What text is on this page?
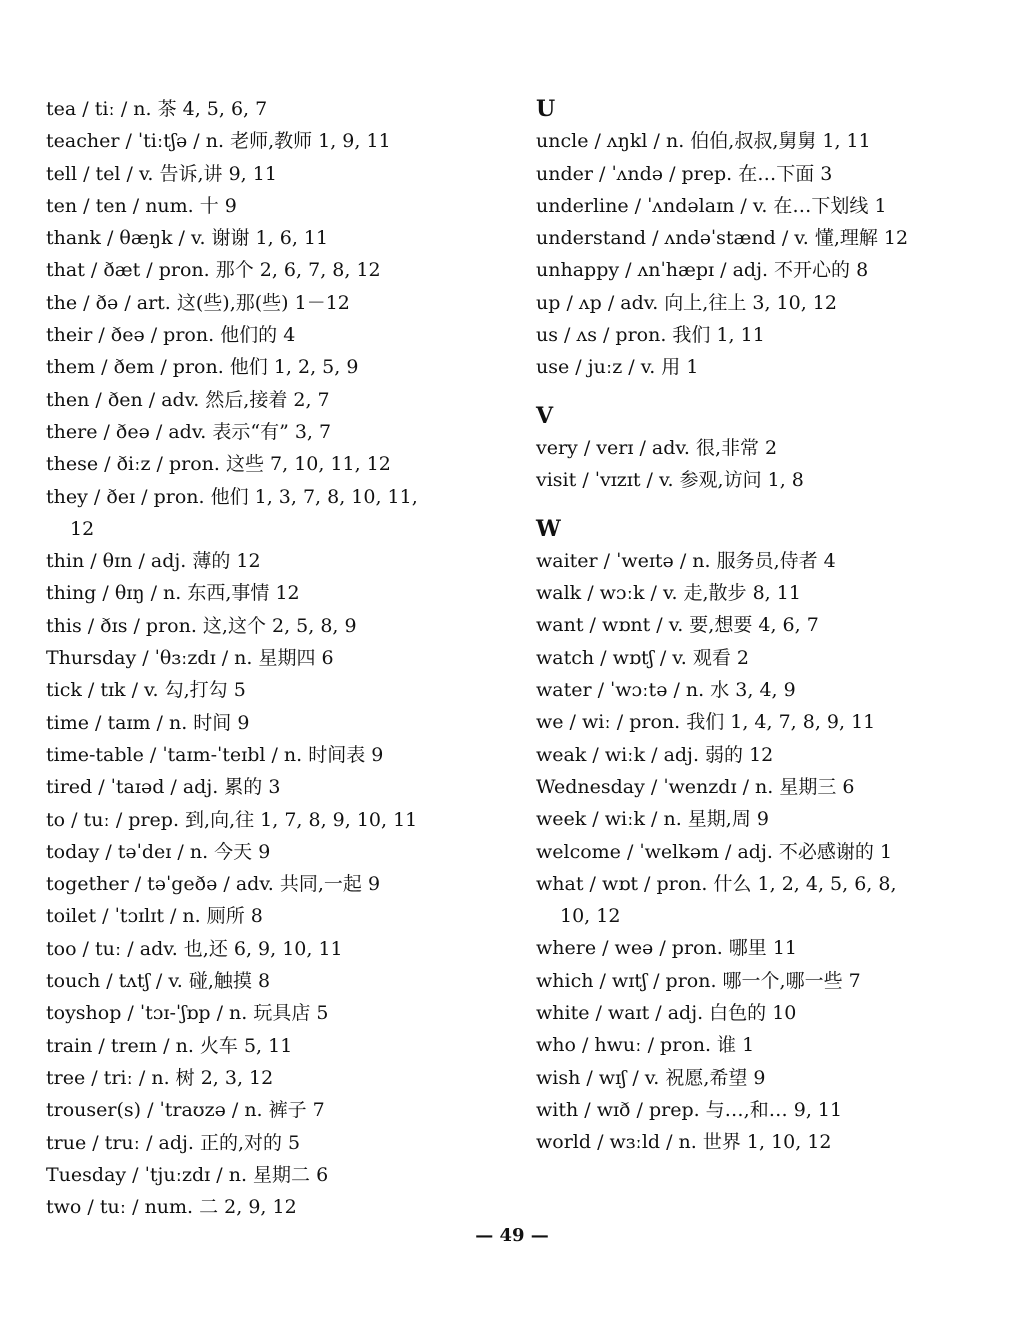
tea / tiː / n. 茶 4, 5, 6, 7
teacher / ˈtiːtʃə / n. 老师,教师 1, 9, 11
tell / tel / v. 告诉,讲 9, 11
ten / ten / num. 十 9
thank / θæŋk / v. 谢谢 1, 6, 11
that / ðæt / pron. 那个 2, 6, 7, 8, 12
the / ðə / art. 这(些),那(些) 1－12
their / ðeə / pron. 他们的 4
them / ðem / pron. 他们 1, 2, 5, 9
then / ðen / adv. 然后,接着 2, 7
there / ðeə / adv. 表示“有” 3, 7
these / ðiːz / pron. 这些 7, 10, 11, 12
they / ðeɪ / pron. 他们 1, 3, 7, 8, 10, 11,
12
thin / θɪn / adj. 薄的 12
thing / θɪŋ / n. 东西,事情 12
this / ðɪs / pron. 这,这个 2, 5, 8, 9
Thursday / ˈθɜːzdɪ / n. 星期四 6
tick / tɪk / v. 勾,打勾 5
time / taɪm / n. 时间 9
time-table / ˈtaɪm-ˈteɪbl / n. 时间表 9
tired / ˈtaɪəd / adj. 累的 3
to / tuː / prep. 到,向,往 1, 7, 8, 9, 10, 11
today / təˈdeɪ / n. 今天 9
together / təˈgeðə / adv. 共同,一起 9
toilet / ˈtɔɪlɪt / n. 厕所 8
too / tuː / adv. 也,还 6, 9, 10, 11
touch / tʌtʃ / v. 碰,触摸 8
toyshop / ˈtɔɪ-ˈʃɒp / n. 玩具店 5
train / treɪn / n. 火车 5, 11
tree / triː / n. 树 2, 3, 12
trouser(s) / ˈtraʊzə / n. 裤子 7
true / truː / adj. 正的,对的 5
Tuesday / ˈtjuːzdɪ / n. 星期二 6
two / tuː / num. 二 2, 9, 12
U
uncle / ʌŋkl / n. 伯伯,叔叔,舅舅 1, 11
under / ˈʌndə / prep. 在…下面 3
underline / ˈʌndəlaɪn / v. 在…下划线 1
understand / ʌndəˈstænd / v. 懂,理解 12
unhappy / ʌnˈhæpɪ / adj. 不开心的 8
up / ʌp / adv. 向上,往上 3, 10, 12
us / ʌs / pron. 我们 1, 11
use / juːz / v. 用 1
V
very / verɪ / adv. 很,非常 2
visit / ˈvɪzɪt / v. 参观,访问 1, 8
W
waiter / ˈweɪtə / n. 服务员,侍者 4
walk / wɔːk / v. 走,散步 8, 11
want / wɒnt / v. 要,想要 4, 6, 7
watch / wɒtʃ / v. 观看 2
water / ˈwɔːtə / n. 水 3, 4, 9
we / wiː / pron. 我们 1, 4, 7, 8, 9, 11
weak / wiːk / adj. 弱的 12
Wednesday / ˈwenzdɪ / n. 星期三 6
week / wiːk / n. 星期,周 9
welcome / ˈwelkəm / adj. 不必感谢的 1
what / wɒt / pron. 什么 1, 2, 4, 5, 6, 8,
10, 12
where / weə / pron. 哪里 11
which / wɪtʃ / pron. 哪一个,哪一些 7
white / waɪt / adj. 白色的 10
who / hwuː / pron. 谁 1
wish / wɪʃ / v. 祝愿,希望 9
with / wɪð / prep. 与…,和… 9, 11
world / wɜːld / n. 世界 1, 10, 12
— 49 —
